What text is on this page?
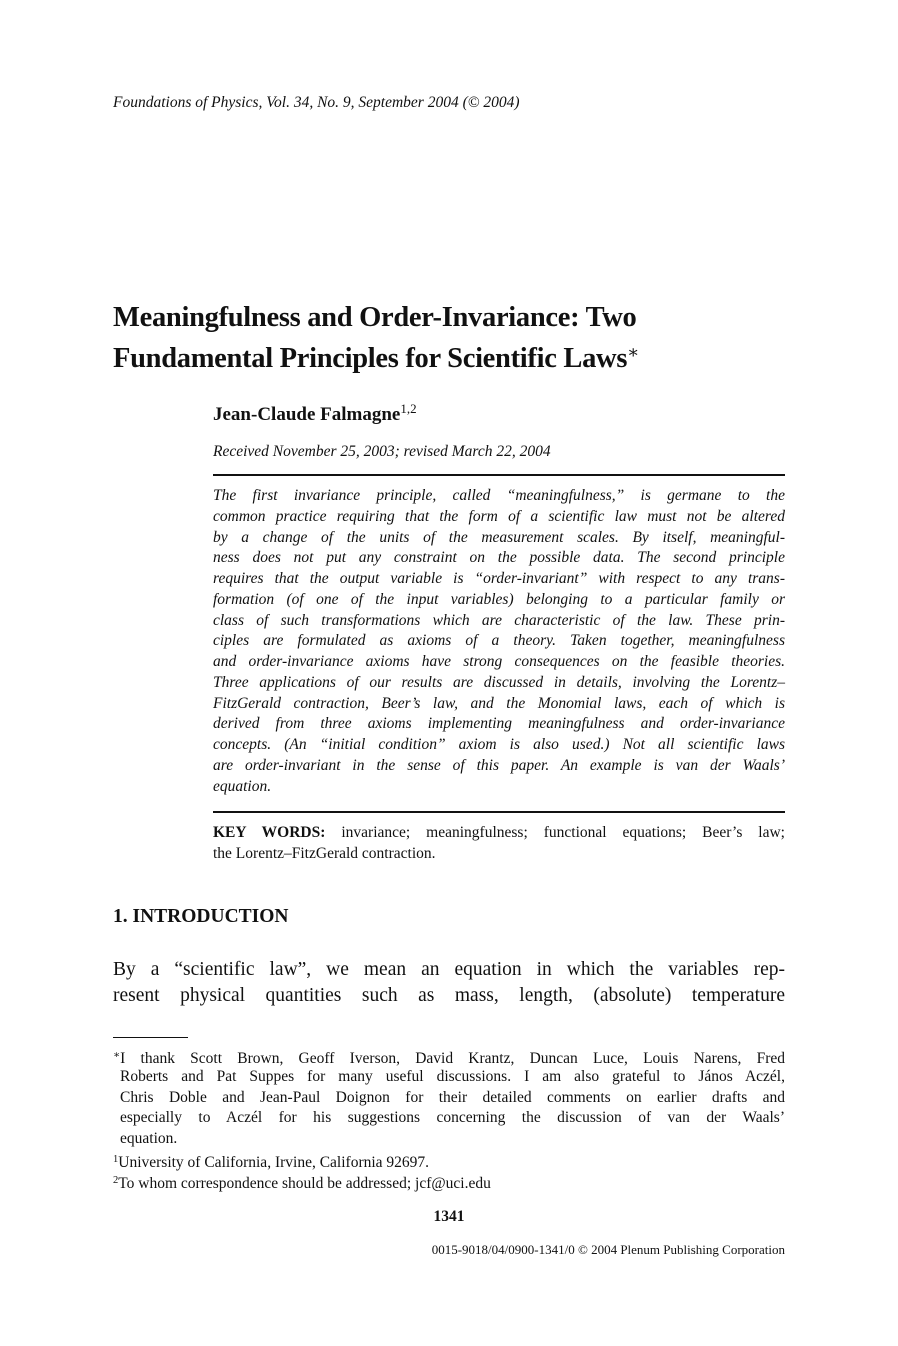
Foundations of Physics, Vol. 34, No. 9, September 2004 (© 2004)
Meaningfulness and Order-Invariance: Two
Fundamental Principles for Scientific Laws∗
Jean-Claude Falmagne$^{1,2}$
Received November 25, 2003; revised March 22, 2004
The first invariance principle, called “meaningfulness,” is germane to the
common practice requiring that the form of a scientific law must not be altered
by a change of the units of the measurement scales. By itself, meaningful-
ness does not put any constraint on the possible data. The second principle
requires that the output variable is “order-invariant” with respect to any trans-
formation (of one of the input variables) belonging to a particular family or
class of such transformations which are characteristic of the law. These prin-
ciples are formulated as axioms of a theory. Taken together, meaningfulness
and order-invariance axioms have strong consequences on the feasible theories.
Three applications of our results are discussed in details, involving the Lorentz–
FitzGerald contraction, Beer’s law, and the Monomial laws, each of which is
derived from three axioms implementing meaningfulness and order-invariance
concepts. (An “initial condition” axiom is also used.) Not all scientific laws
are order-invariant in the sense of this paper. An example is van der Waals’
equation.
KEY WORDS: invariance; meaningfulness; functional equations; Beer’s law;
the Lorentz–FitzGerald contraction.
1. INTRODUCTION
By a “scientific law”, we mean an equation in which the variables rep-
resent physical quantities such as mass, length, (absolute) temperature
∗I thank Scott Brown, Geoff Iverson, David Krantz, Duncan Luce, Louis Narens, Fred
Roberts and Pat Suppes for many useful discussions. I am also grateful to János Aczél,
Chris Doble and Jean-Paul Doignon for their detailed comments on earlier drafts and
especially to Aczél for his suggestions concerning the discussion of van der Waals’
equation.
$^1$University of California, Irvine, California 92697.
$^2$To whom correspondence should be addressed; jcf@uci.edu
1341
0015-9018/04/0900-1341/0 © 2004 Plenum Publishing Corporation
